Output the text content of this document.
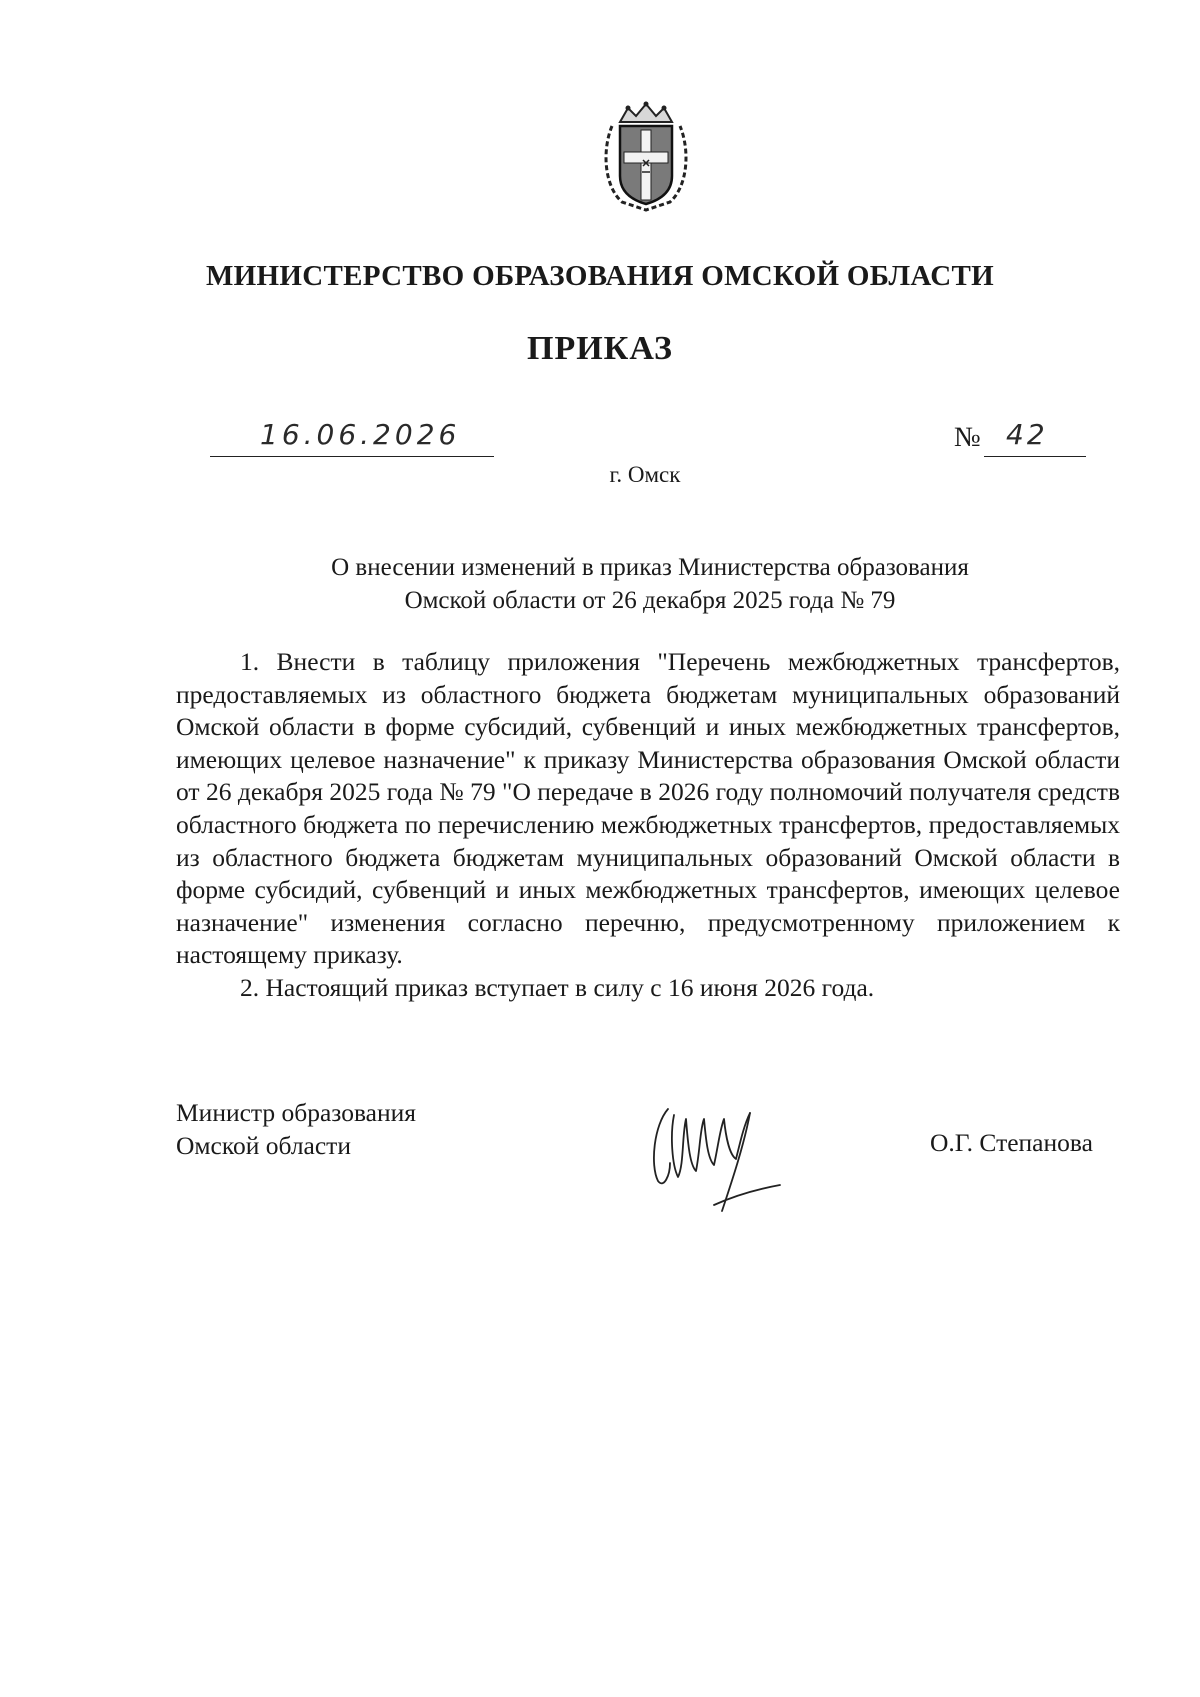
МИНИСТЕРСТВО ОБРАЗОВАНИЯ ОМСКОЙ ОБЛАСТИ
ПРИКАЗ
16.06.2026	№ 42
г. Омск
О внесении изменений в приказ Министерства образования
Омской области от 26 декабря 2025 года № 79

1. Внести в таблицу приложения "Перечень межбюджетных трансфертов, предоставляемых из областного бюджета бюджетам муниципальных образований Омской области в форме субсидий, субвенций и иных межбюджетных трансфертов, имеющих целевое назначение" к приказу Министерства образования Омской области от 26 декабря 2025 года № 79 "О передаче в 2026 году полномочий получателя средств областного бюджета по перечислению межбюджетных трансфертов, предоставляемых из областного бюджета бюджетам муниципальных образований Омской области в форме субсидий, субвенций и иных межбюджетных трансфертов, имеющих целевое назначение" изменения согласно перечню, предусмотренному приложением к настоящему приказу.

2. Настоящий приказ вступает в силу с 16 июня 2026 года.

Министр образования
Омской области	О.Г. Степанова
